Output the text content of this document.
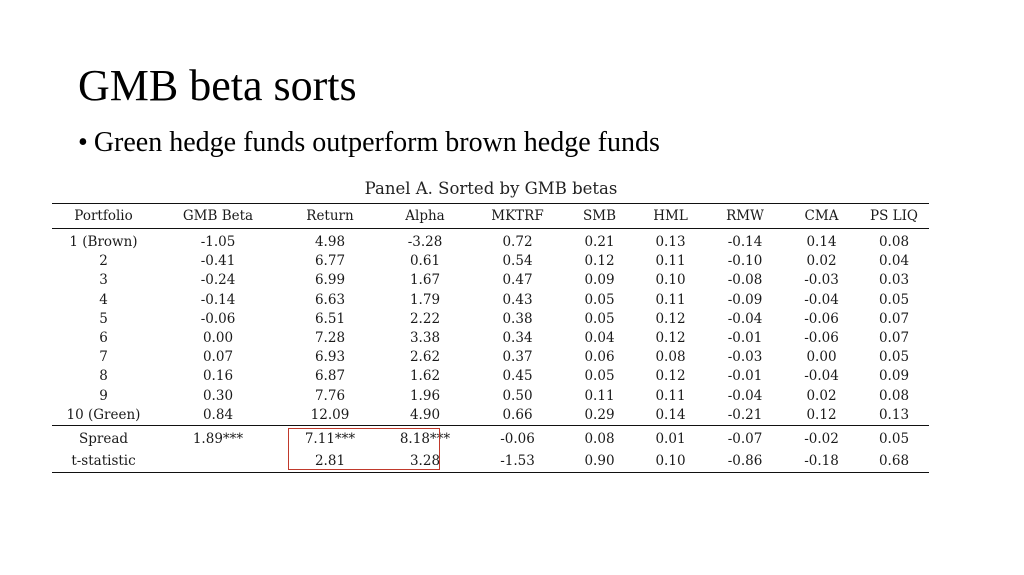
GMB beta sorts
• Green hedge funds outperform brown hedge funds
Panel A. Sorted by GMB betas
Portfolio	GMB Beta	Return	Alpha	MKTRF	SMB	HML	RMW	CMA	PS LIQ
1 (Brown)	-1.05	4.98	-3.28	0.72	0.21	0.13	-0.14	0.14	0.08
2	-0.41	6.77	0.61	0.54	0.12	0.11	-0.10	0.02	0.04
3	-0.24	6.99	1.67	0.47	0.09	0.10	-0.08	-0.03	0.03
4	-0.14	6.63	1.79	0.43	0.05	0.11	-0.09	-0.04	0.05
5	-0.06	6.51	2.22	0.38	0.05	0.12	-0.04	-0.06	0.07
6	0.00	7.28	3.38	0.34	0.04	0.12	-0.01	-0.06	0.07
7	0.07	6.93	2.62	0.37	0.06	0.08	-0.03	0.00	0.05
8	0.16	6.87	1.62	0.45	0.05	0.12	-0.01	-0.04	0.09
9	0.30	7.76	1.96	0.50	0.11	0.11	-0.04	0.02	0.08
10 (Green)	0.84	12.09	4.90	0.66	0.29	0.14	-0.21	0.12	0.13
Spread	1.89***	7.11***	8.18***	-0.06	0.08	0.01	-0.07	-0.02	0.05
t-statistic		2.81	3.28	-1.53	0.90	0.10	-0.86	-0.18	0.68
